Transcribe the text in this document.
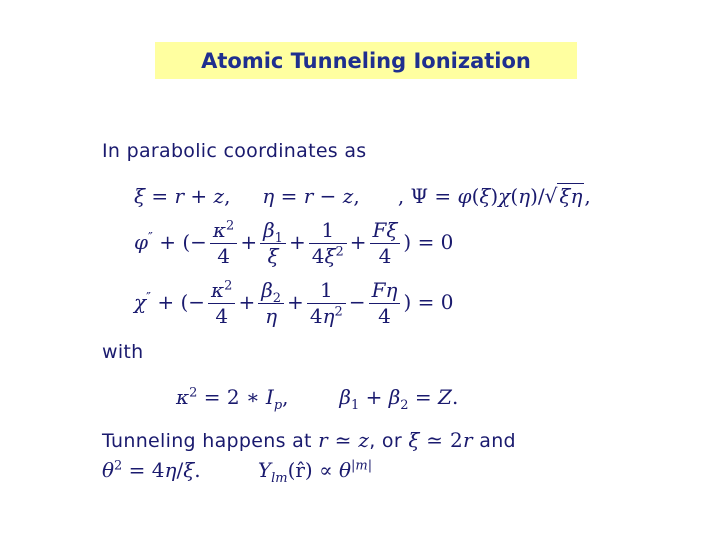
Atomic Tunneling Ionization
In parabolic coordinates as
ξ = r + z,     η = r − z,      , Ψ = φ(ξ)χ(η)/√ ξη ,
φ″ + (− $\frac{\kappa^2}{4} + \frac{\beta_1}{\xi} + \frac{1}{4\xi^2} + \frac{F\xi}{4}$ ) = 0
χ″ + (− $\frac{\kappa^2}{4} + \frac{\beta_2}{\eta} + \frac{1}{4\eta^2} - \frac{F\eta}{4}$ ) = 0
with
$\kappa^2 = 2$ ∗ $I_p$,        $\beta_1 + \beta_2 = Z$.
Tunneling happens at r ≃ z, or ξ ≃ 2r and
$\theta^2 = 4\eta/\xi$.         $Y_{lm}(r̂) \propto \theta^{|m|}$
